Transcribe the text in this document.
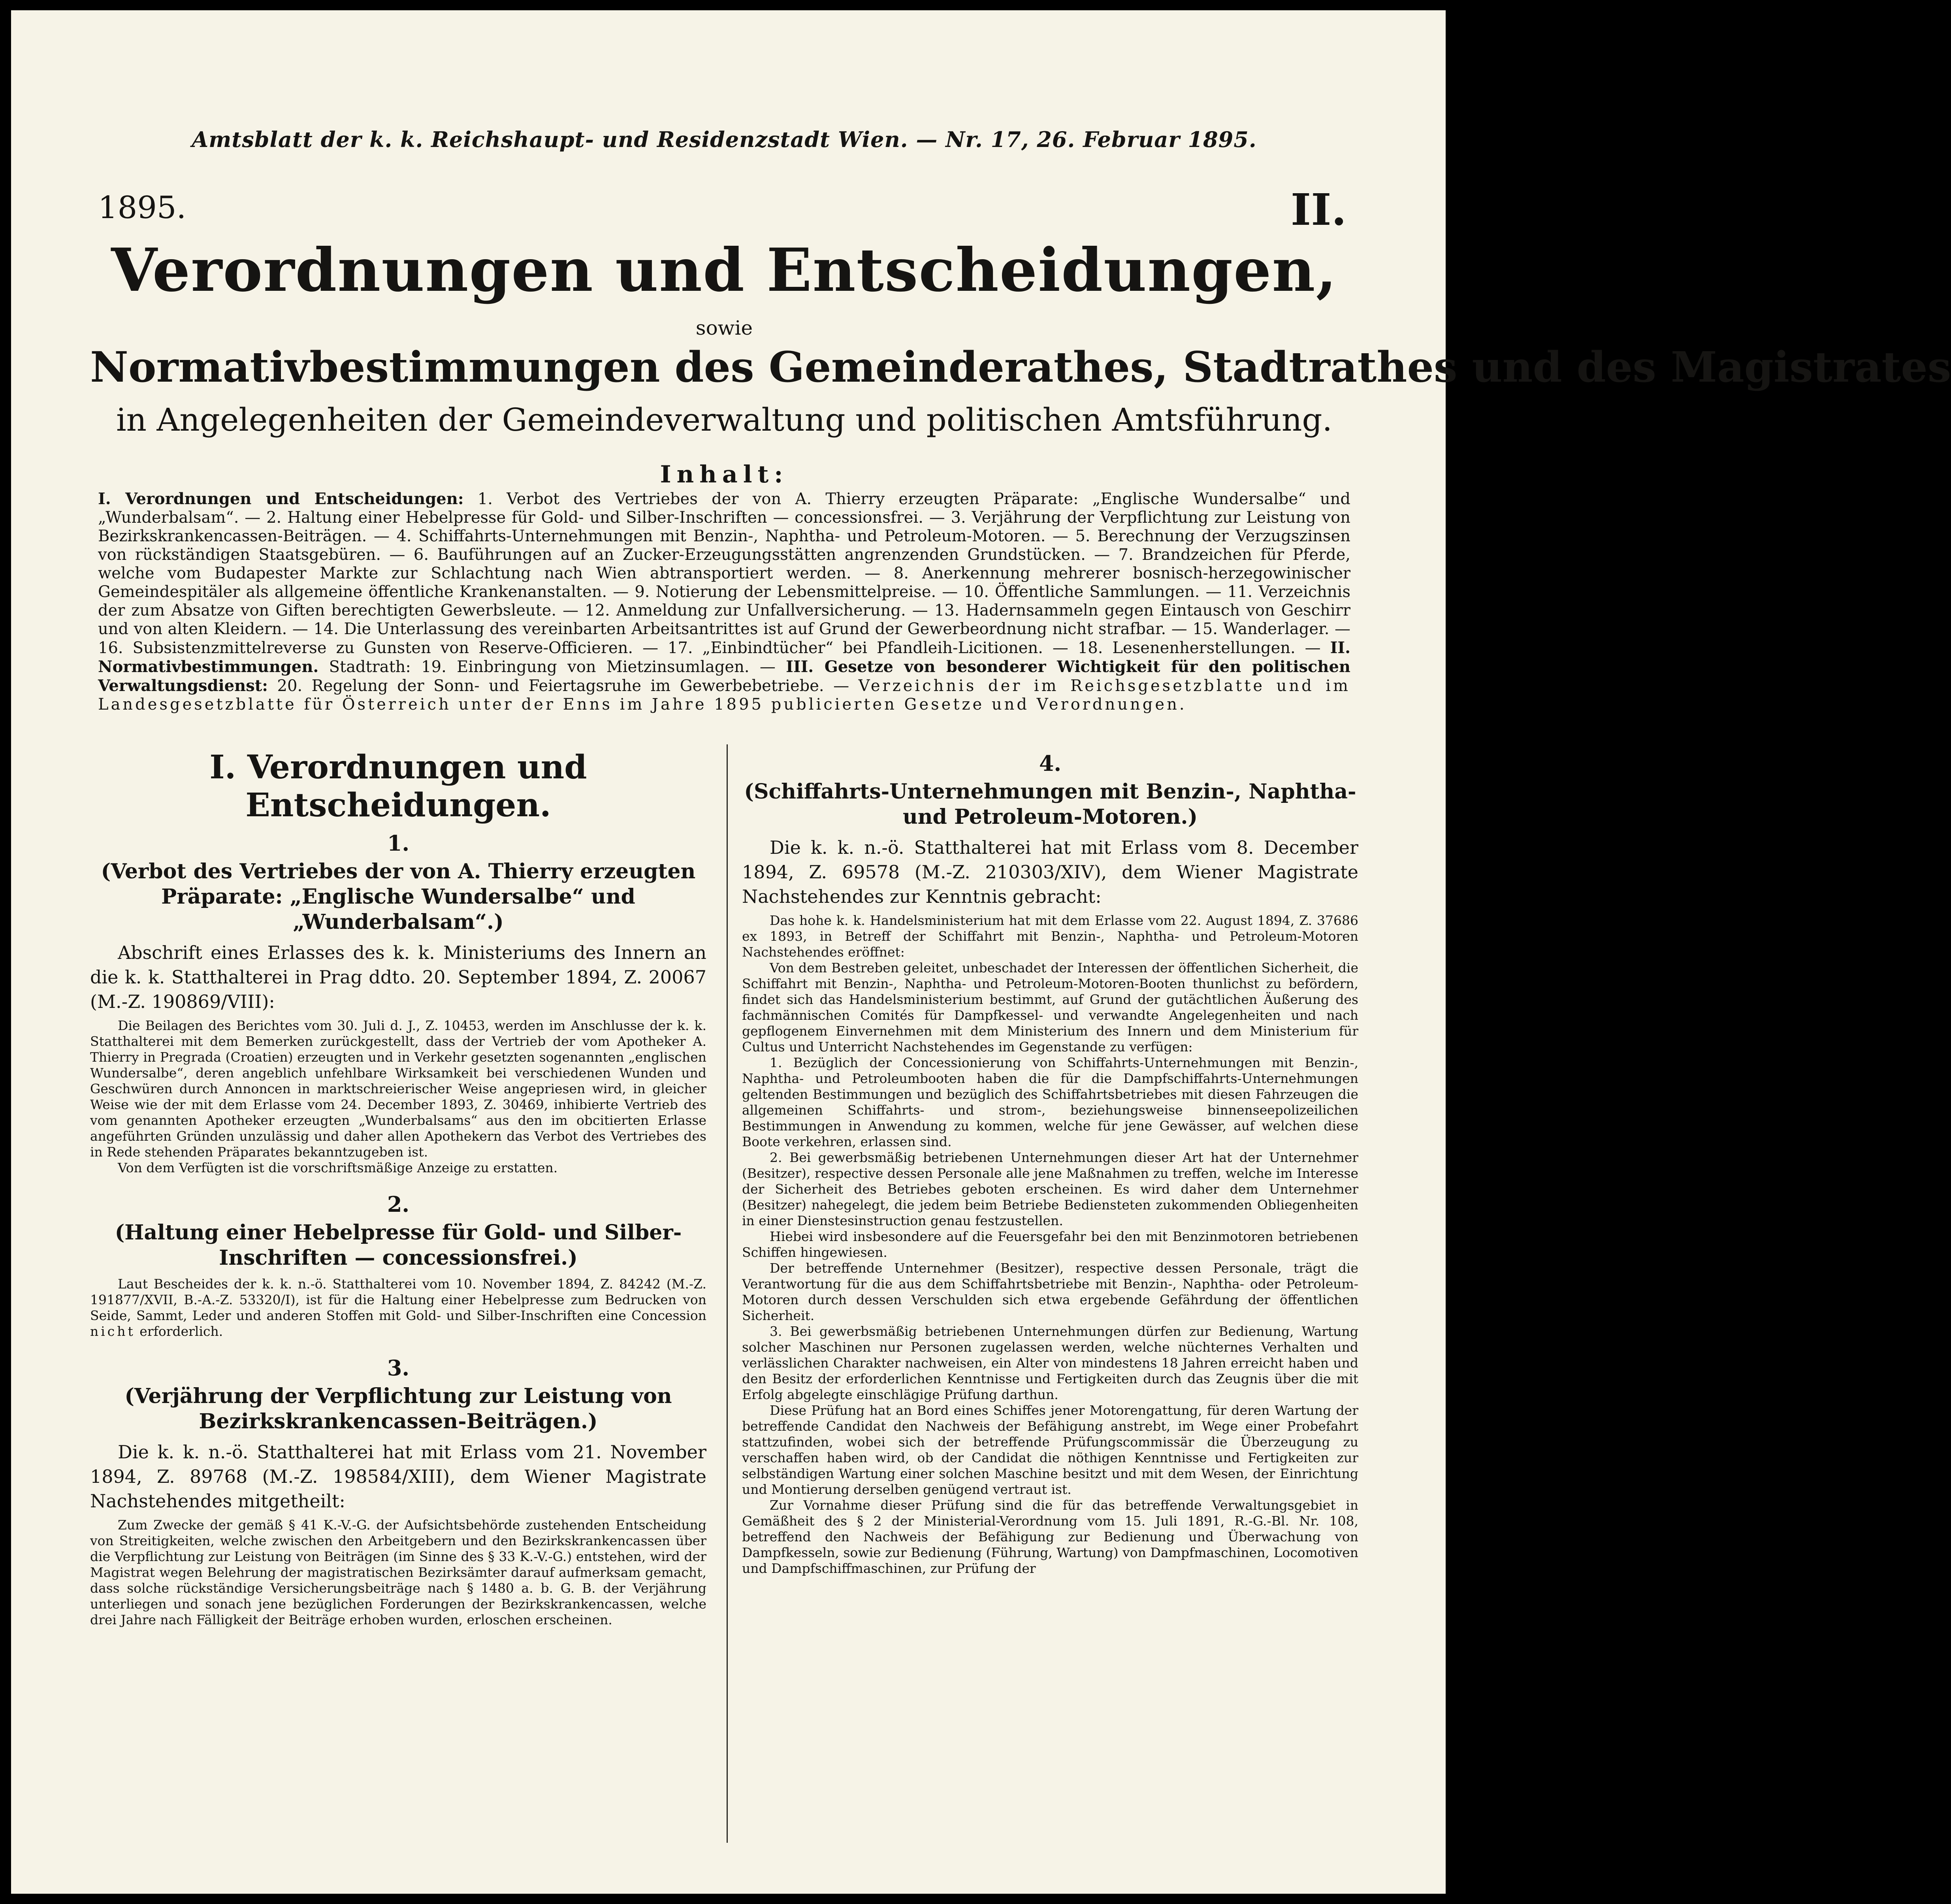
Amtsblatt der k. k. Reichshaupt- und Residenzstadt Wien. — Nr. 17, 26. Februar 1895.
1895.	II.
Verordnungen und Entscheidungen,
sowie
Normativbestimmungen des Gemeinderathes, Stadtrathes und des Magistrates
in Angelegenheiten der Gemeindeverwaltung und politischen Amtsführung.
Inhalt:
I. Verordnungen und Entscheidungen: 1. Verbot des Vertriebes der von A. Thierry erzeugten Präparate: „Englische Wundersalbe“ und „Wunderbalsam“. — 2. Haltung einer Hebelpresse für Gold- und Silber-Inschriften — concessionsfrei. — 3. Verjährung der Verpflichtung zur Leistung von Bezirkskrankencassen-Beiträgen. — 4. Schiffahrts-Unternehmungen mit Benzin-, Naphtha- und Petroleum-Motoren. — 5. Berechnung der Verzugszinsen von rückständigen Staatsgebüren. — 6. Bauführungen auf an Zucker-Erzeugungsstätten angrenzenden Grundstücken. — 7. Brandzeichen für Pferde, welche vom Budapester Markte zur Schlachtung nach Wien abtransportiert werden. — 8. Anerkennung mehrerer bosnisch-herzegowinischer Gemeindespitäler als allgemeine öffentliche Krankenanstalten. — 9. Notierung der Lebensmittelpreise. — 10. Öffentliche Sammlungen. — 11. Verzeichnis der zum Absatze von Giften berechtigten Gewerbsleute. — 12. Anmeldung zur Unfallversicherung. — 13. Hadernsammeln gegen Eintausch von Geschirr und von alten Kleidern. — 14. Die Unterlassung des vereinbarten Arbeitsantrittes ist auf Grund der Gewerbeordnung nicht strafbar. — 15. Wanderlager. — 16. Subsistenzmittelreverse zu Gunsten von Reserve-Officieren. — 17. „Einbindtücher“ bei Pfandleih-Licitionen. — 18. Lesenenherstellungen. — II. Normativbestimmungen. Stadtrath: 19. Einbringung von Mietzinsumlagen. — III. Gesetze von besonderer Wichtigkeit für den politischen Verwaltungsdienst: 20. Regelung der Sonn- und Feiertagsruhe im Gewerbebetriebe. — Verzeichnis der im Reichsgesetzblatte und im Landesgesetzblatte für Österreich unter der Enns im Jahre 1895 publicierten Gesetze und Verordnungen.
I. Verordnungen und Entscheidungen.
1.
(Verbot des Vertriebes der von A. Thierry erzeugten Präparate: „Englische Wundersalbe“ und „Wunderbalsam“.)

Abschrift eines Erlasses des k. k. Ministeriums des Innern an die k. k. Statthalterei in Prag ddto. 20. September 1894, Z. 20067 (M.-Z. 190869/VIII):

Die Beilagen des Berichtes vom 30. Juli d. J., Z. 10453, werden im Anschlusse der k. k. Statthalterei mit dem Bemerken zurückgestellt, dass der Vertrieb der vom Apotheker A. Thierry in Pregrada (Croatien) erzeugten und in Verkehr gesetzten sogenannten „englischen Wundersalbe“, deren angeblich unfehlbare Wirksamkeit bei verschiedenen Wunden und Geschwüren durch Annoncen in marktschreierischer Weise angepriesen wird, in gleicher Weise wie der mit dem Erlasse vom 24. December 1893, Z. 30469, inhibierte Vertrieb des vom genannten Apotheker erzeugten „Wunderbalsams“ aus den im obcitierten Erlasse angeführten Gründen unzulässig und daher allen Apothekern das Verbot des Vertriebes des in Rede stehenden Präparates bekanntzugeben ist.

Von dem Verfügten ist die vorschriftsmäßige Anzeige zu erstatten.

2.
(Haltung einer Hebelpresse für Gold- und Silber-Inschriften — concessionsfrei.)

Laut Bescheides der k. k. n.-ö. Statthalterei vom 10. November 1894, Z. 84242 (M.-Z. 191877/XVII, B.-A.-Z. 53320/I), ist für die Haltung einer Hebelpresse zum Bedrucken von Seide, Sammt, Leder und anderen Stoffen mit Gold- und Silber-Inschriften eine Concession nicht erforderlich.

3.
(Verjährung der Verpflichtung zur Leistung von Bezirkskrankencassen-Beiträgen.)

Die k. k. n.-ö. Statthalterei hat mit Erlass vom 21. November 1894, Z. 89768 (M.-Z. 198584/XIII), dem Wiener Magistrate Nachstehendes mitgetheilt:

Zum Zwecke der gemäß § 41 K.-V.-G. der Aufsichtsbehörde zustehenden Entscheidung von Streitigkeiten, welche zwischen den Arbeitgebern und den Bezirkskrankencassen über die Verpflichtung zur Leistung von Beiträgen (im Sinne des § 33 K.-V.-G.) entstehen, wird der Magistrat wegen Belehrung der magistratischen Bezirksämter darauf aufmerksam gemacht, dass solche rückständige Versicherungsbeiträge nach § 1480 a. b. G. B. der Verjährung unterliegen und sonach jene bezüglichen Forderungen der Bezirkskrankencassen, welche drei Jahre nach Fälligkeit der Beiträge erhoben wurden, erloschen erscheinen.

4.
(Schiffahrts-Unternehmungen mit Benzin-, Naphtha- und Petroleum-Motoren.)

Die k. k. n.-ö. Statthalterei hat mit Erlass vom 8. December 1894, Z. 69578 (M.-Z. 210303/XIV), dem Wiener Magistrate Nachstehendes zur Kenntnis gebracht:

Das hohe k. k. Handelsministerium hat mit dem Erlasse vom 22. August 1894, Z. 37686 ex 1893, in Betreff der Schiffahrt mit Benzin-, Naphtha- und Petroleum-Motoren Nachstehendes eröffnet:

Von dem Bestreben geleitet, unbeschadet der Interessen der öffentlichen Sicherheit, die Schiffahrt mit Benzin-, Naphtha- und Petroleum-Motoren-Booten thunlichst zu befördern, findet sich das Handelsministerium bestimmt, auf Grund der gutächtlichen Äußerung des fachmännischen Comités für Dampfkessel- und verwandte Angelegenheiten und nach gepflogenem Einvernehmen mit dem Ministerium des Innern und dem Ministerium für Cultus und Unterricht Nachstehendes im Gegenstande zu verfügen:

1. Bezüglich der Concessionierung von Schiffahrts-Unternehmungen mit Benzin-, Naphtha- und Petroleumbooten haben die für die Dampfschiffahrts-Unternehmungen geltenden Bestimmungen und bezüglich des Schiffahrtsbetriebes mit diesen Fahrzeugen die allgemeinen Schiffahrts- und strom-, beziehungsweise binnenseepolizeilichen Bestimmungen in Anwendung zu kommen, welche für jene Gewässer, auf welchen diese Boote verkehren, erlassen sind.

2. Bei gewerbsmäßig betriebenen Unternehmungen dieser Art hat der Unternehmer (Besitzer), respective dessen Personale alle jene Maßnahmen zu treffen, welche im Interesse der Sicherheit des Betriebes geboten erscheinen. Es wird daher dem Unternehmer (Besitzer) nahegelegt, die jedem beim Betriebe Bediensteten zukommenden Obliegenheiten in einer Dienstesinstruction genau festzustellen.

Hiebei wird insbesondere auf die Feuersgefahr bei den mit Benzinmotoren betriebenen Schiffen hingewiesen.

Der betreffende Unternehmer (Besitzer), respective dessen Personale, trägt die Verantwortung für die aus dem Schiffahrtsbetriebe mit Benzin-, Naphtha- oder Petroleum-Motoren durch dessen Verschulden sich etwa ergebende Gefährdung der öffentlichen Sicherheit.

3. Bei gewerbsmäßig betriebenen Unternehmungen dürfen zur Bedienung, Wartung solcher Maschinen nur Personen zugelassen werden, welche nüchternes Verhalten und verlässlichen Charakter nachweisen, ein Alter von mindestens 18 Jahren erreicht haben und den Besitz der erforderlichen Kenntnisse und Fertigkeiten durch das Zeugnis über die mit Erfolg abgelegte einschlägige Prüfung darthun.

Diese Prüfung hat an Bord eines Schiffes jener Motorengattung, für deren Wartung der betreffende Candidat den Nachweis der Befähigung anstrebt, im Wege einer Probefahrt stattzufinden, wobei sich der betreffende Prüfungscommissär die Überzeugung zu verschaffen haben wird, ob der Candidat die nöthigen Kenntnisse und Fertigkeiten zur selbständigen Wartung einer solchen Maschine besitzt und mit dem Wesen, der Einrichtung und Montierung derselben genügend vertraut ist.

Zur Vornahme dieser Prüfung sind die für das betreffende Verwaltungsgebiet in Gemäßheit des § 2 der Ministerial-Verordnung vom 15. Juli 1891, R.-G.-Bl. Nr. 108, betreffend den Nachweis der Befähigung zur Bedienung und Überwachung von Dampfkesseln, sowie zur Bedienung (Führung, Wartung) von Dampfmaschinen, Locomotiven und Dampfschiffmaschinen, zur Prüfung der
